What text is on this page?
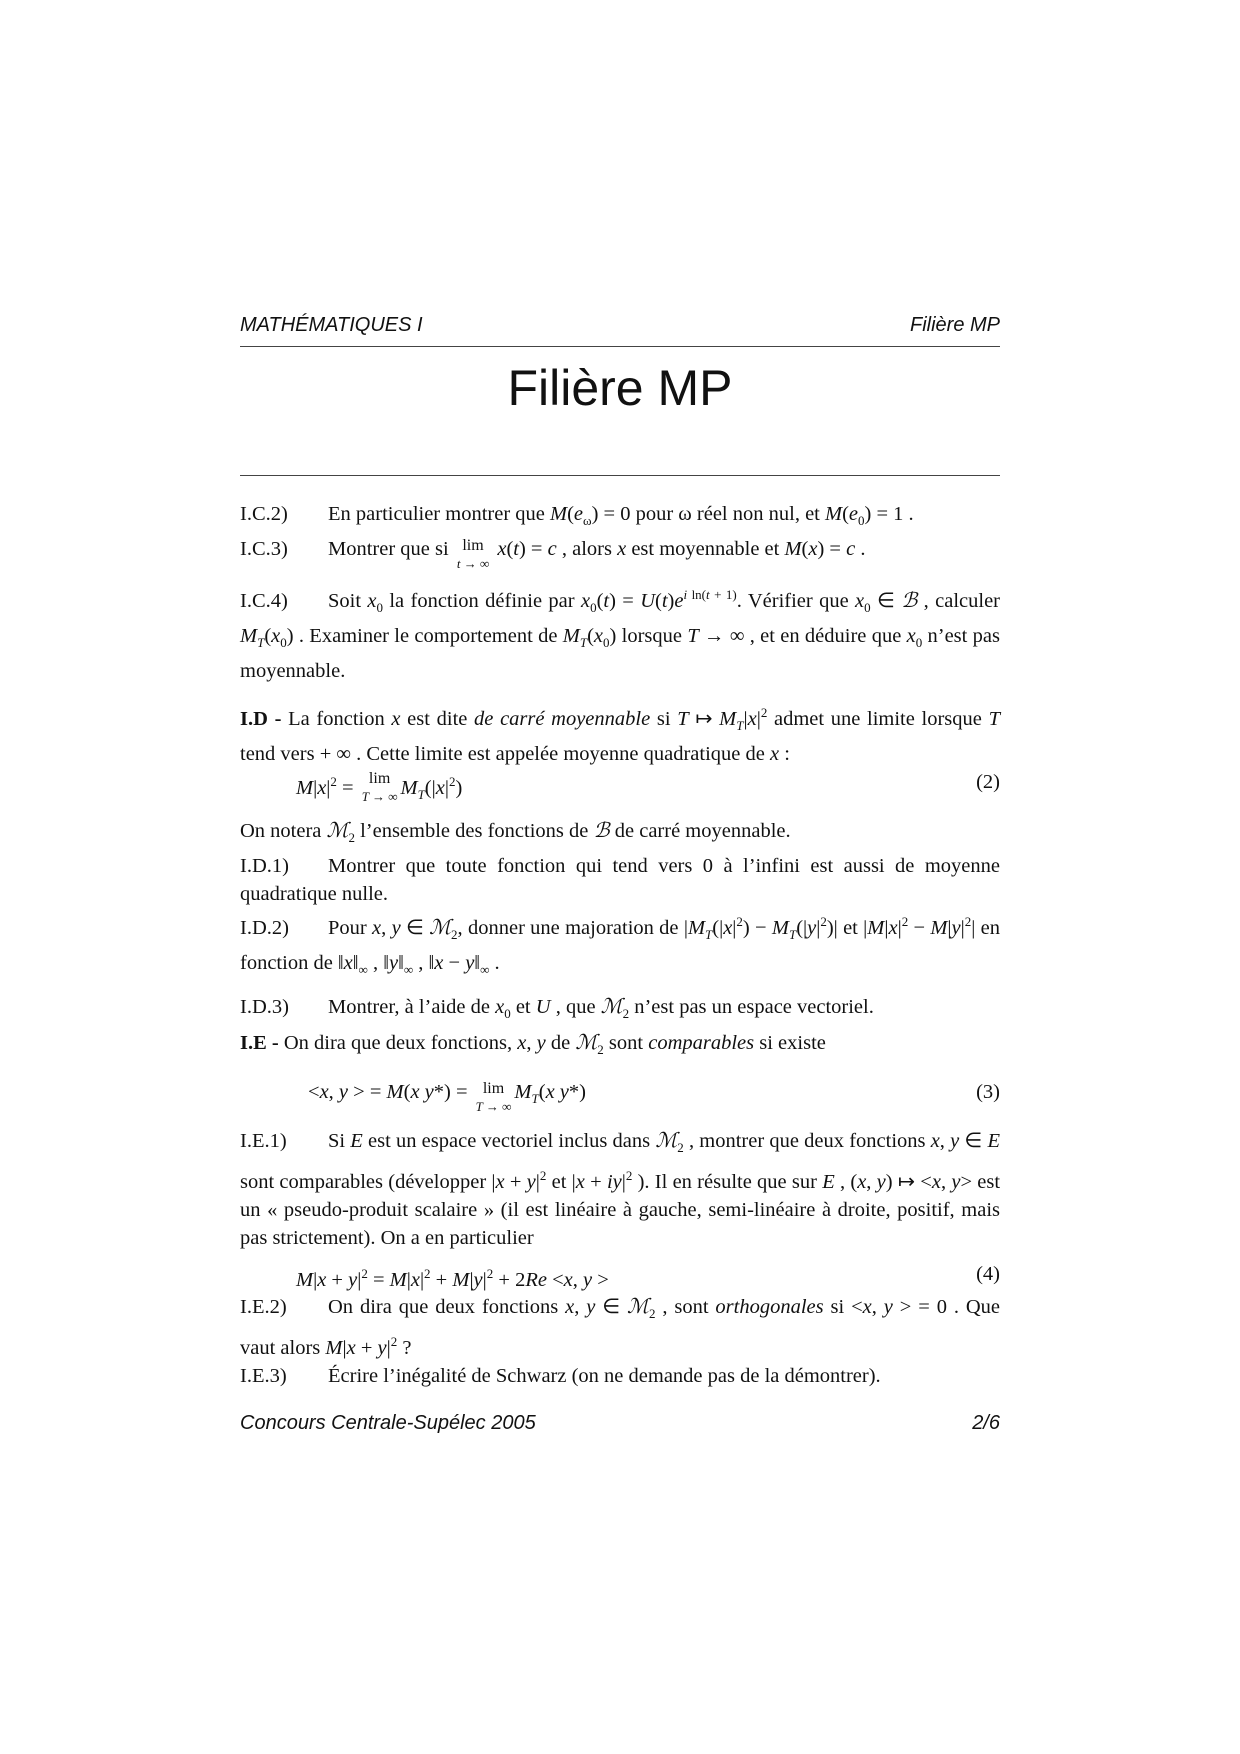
MATHÉMATIQUES I	Filière MP
Filière MP

I.C.2) En particulier montrer que $M(e_\omega) = 0$ pour ω réel non nul, et $M(e_0) = 1$ .

I.C.3) Montrer que si lim
t → ∞
x(t) = c , alors x est moyennable et M(x) = c .

I.C.4) Soit $x_0$ la fonction définie par $x_0(t) = U(t)e^{i ln(t + 1)}$. Vérifier que $x_0$ ∈ ℬ , calculer $M_T(x_0)$ . Examiner le comportement de $M_T(x_0)$ lorsque T → ∞ , et en déduire que $x_0$ n’est pas moyennable.

I.D - La fonction x est dite de carré moyennable si T ↦ $M_T|x|^2$ admet une limite lorsque T tend vers + ∞ . Cette limite est appelée moyenne quadratique de x :

$M|x|^2 = \lim$
T → ∞ $M_T(|x|^2)$	(2)

On notera ℳ$_2$ l’ensemble des fonctions de ℬ de carré moyennable.

I.D.1) Montrer que toute fonction qui tend vers 0 à l’infini est aussi de moyenne quadratique nulle.

I.D.2) Pour x, y ∈ ℳ$_2$, donner une majoration de $|M_T(|x|^2) - M_T(|y|^2)|$ et $|M|x|^2 - M|y|^2|$ en fonction de $‖x‖_\infty$ , $‖y‖_\infty$ , ‖x − $y‖_\infty$ .

I.D.3) Montrer, à l’aide de $x_0$ et U , que ℳ$_2$ n’est pas un espace vectoriel.

I.E - On dira que deux fonctions, x, y de ℳ$_2$ sont comparables si existe

<x, y > = M(x y*) = lim
T → ∞
$M_T(x$ y*)	(3)

I.E.1) Si E est un espace vectoriel inclus dans ℳ$_2$ , montrer que deux fonctions x, y ∈ E sont comparables (développer $|x + y|^2$ et $|x + iy|^2$ ). Il en résulte que sur E , (x, y) ↦ <x, y> est un « pseudo-produit scalaire » (il est linéaire à gauche, semi-linéaire à droite, positif, mais pas strictement). On a en particulier

$M|x + y|^2 = M|x|^2 + M|y|^2 + 2Re <x$, y >	(4)

I.E.2) On dira que deux fonctions x, y ∈ ℳ$_2$ , sont orthogonales si <x, y > = 0 . Que vaut alors $M|x + y|^2$ ?

I.E.3) Écrire l’inégalité de Schwarz (on ne demande pas de la démontrer).

Concours Centrale-Supélec 2005	2/6
